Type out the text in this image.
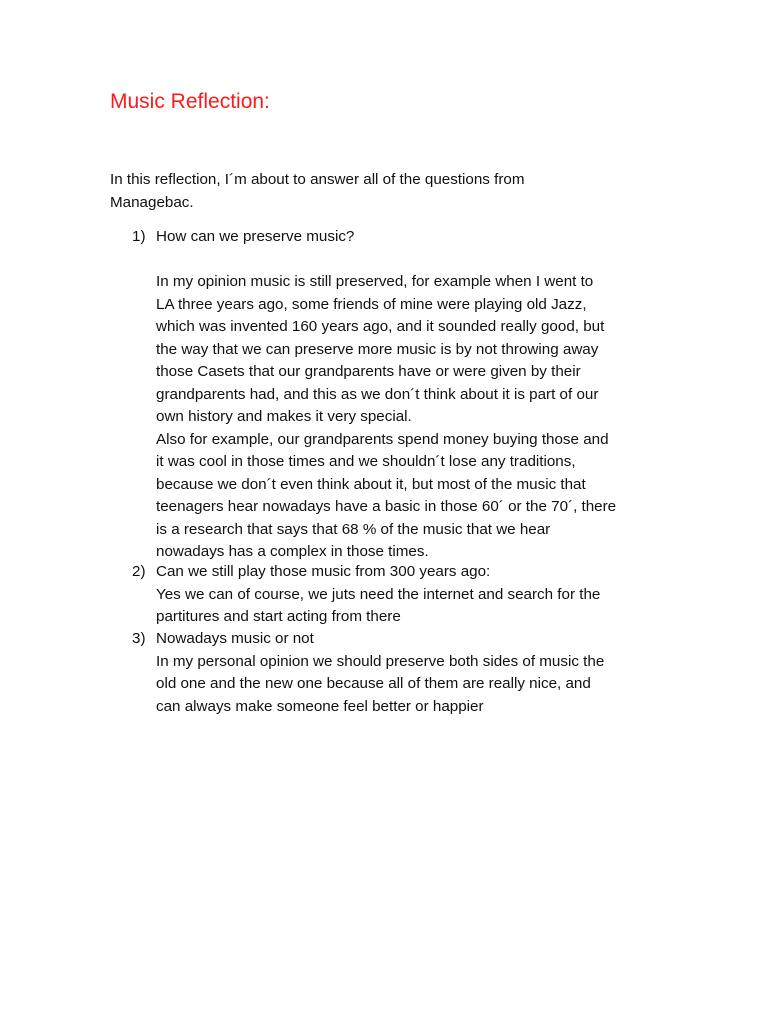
Music Reflection:
In this reflection, I´m about to answer all of the questions from
Managebac.
1) How can we preserve music?

In my opinion music is still preserved, for example when I went to
LA three years ago, some friends of mine were playing old Jazz,
which was invented 160 years ago, and it sounded really good, but
the way that we can preserve more music is by not throwing away
those Casets that our grandparents have or were given by their
grandparents had, and this as we don´t think about it is part of our
own history and makes it very special.
Also for example, our grandparents spend money buying those and
it was cool in those times and we shouldn´t lose any traditions,
because we don´t even think about it, but most of the music that
teenagers hear nowadays have a basic in those 60´ or the 70´, there
is a research that says that 68 % of the music that we hear
nowadays has a complex in those times.
2) Can we still play those music from 300 years ago:
Yes we can of course, we juts need the internet and search for the
partitures and start acting from there
3) Nowadays music or not
In my personal opinion we should preserve both sides of music the
old one and the new one because all of them are really nice, and
can always make someone feel better or happier
